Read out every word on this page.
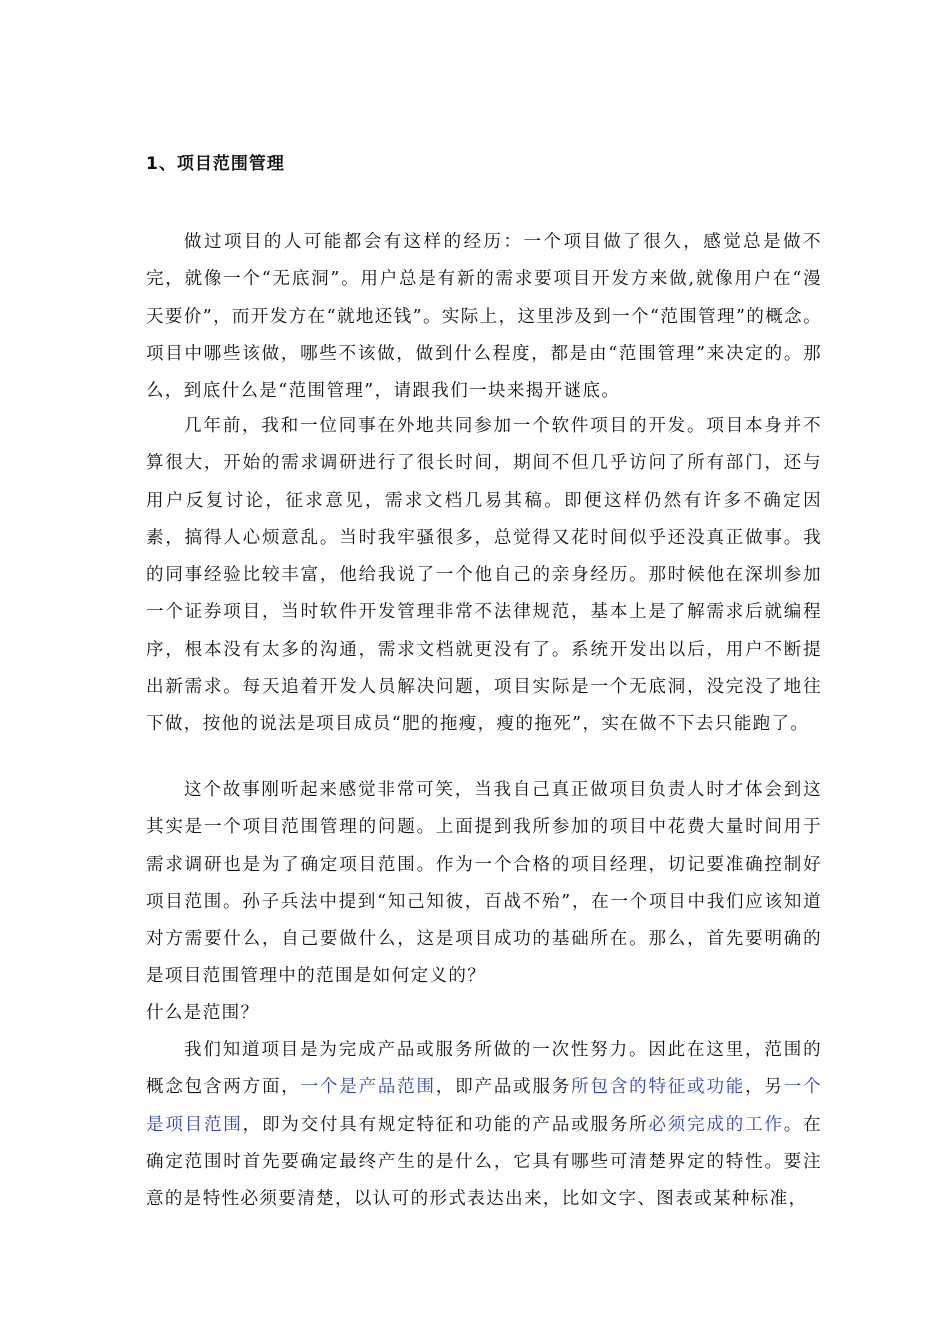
1、项目范围管理

做过项目的人可能都会有这样的经历：一个项目做了很久，感觉总是做不完，就像一个“无底洞”。用户总是有新的需求要项目开发方来做,就像用户在“漫天要价”，而开发方在“就地还钱”。实际上，这里涉及到一个“范围管理”的概念。项目中哪些该做，哪些不该做，做到什么程度，都是由“范围管理”来决定的。那么，到底什么是“范围管理”，请跟我们一块来揭开谜底。

几年前，我和一位同事在外地共同参加一个软件项目的开发。项目本身并不算很大，开始的需求调研进行了很长时间，期间不但几乎访问了所有部门，还与用户反复讨论，征求意见，需求文档几易其稿。即便这样仍然有许多不确定因素，搞得人心烦意乱。当时我牢骚很多，总觉得又花时间似乎还没真正做事。我的同事经验比较丰富，他给我说了一个他自己的亲身经历。那时候他在深圳参加一个证券项目，当时软件开发管理非常不法律规范，基本上是了解需求后就编程序，根本没有太多的沟通，需求文档就更没有了。系统开发出以后，用户不断提出新需求。每天追着开发人员解决问题，项目实际是一个无底洞，没完没了地往下做，按他的说法是项目成员“肥的拖瘦，瘦的拖死”，实在做不下去只能跑了。

这个故事刚听起来感觉非常可笑，当我自己真正做项目负责人时才体会到这其实是一个项目范围管理的问题。上面提到我所参加的项目中花费大量时间用于需求调研也是为了确定项目范围。作为一个合格的项目经理，切记要准确控制好项目范围。孙子兵法中提到“知己知彼，百战不殆”，在一个项目中我们应该知道对方需要什么，自己要做什么，这是项目成功的基础所在。那么，首先要明确的是项目范围管理中的范围是如何定义的？

什么是范围？

我们知道项目是为完成产品或服务所做的一次性努力。因此在这里，范围的概念包含两方面，一个是产品范围，即产品或服务所包含的特征或功能，另一个是项目范围，即为交付具有规定特征和功能的产品或服务所必须完成的工作。在确定范围时首先要确定最终产生的是什么，它具有哪些可清楚界定的特性。要注意的是特性必须要清楚，以认可的形式表达出来，比如文字、图表或某种标准，
